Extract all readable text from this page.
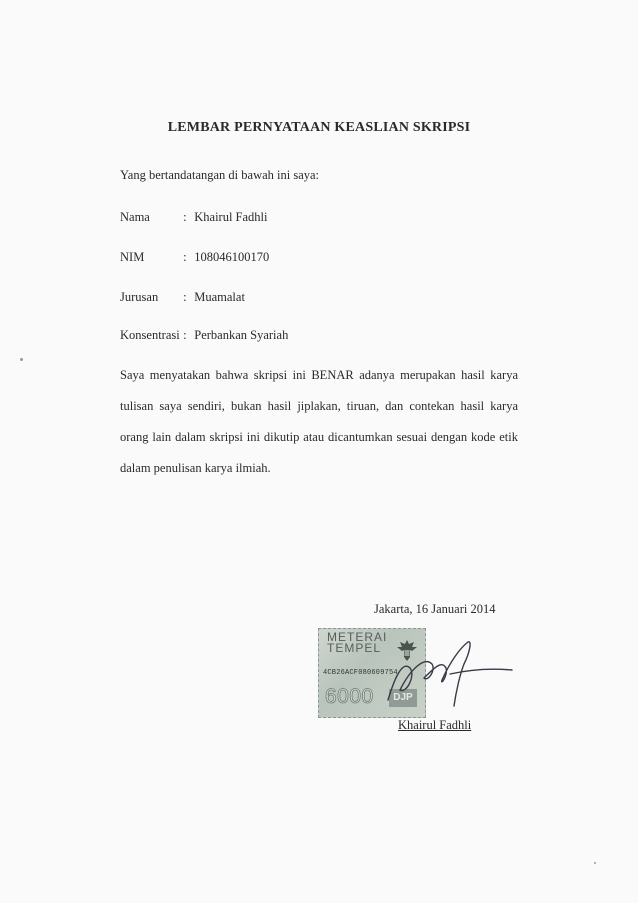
LEMBAR PERNYATAAN KEASLIAN SKRIPSI
Yang bertandatangan di bawah ini saya:
Nama	: Khairul Fadhli
NIM	: 108046100170
Jurusan : Muamalat
Konsentrasi : Perbankan Syariah
Saya menyatakan bahwa skripsi ini BENAR adanya merupakan hasil karya tulisan saya sendiri, bukan hasil jiplakan, tiruan, dan contekan hasil karya orang lain dalam skripsi ini dikutip atau dicantumkan sesuai dengan kode etik dalam penulisan karya ilmiah.
Jakarta, 16 Januari 2014
METERAI TEMPEL
4CB26ACF080609754
6000	DJP
Khairul Fadhli
